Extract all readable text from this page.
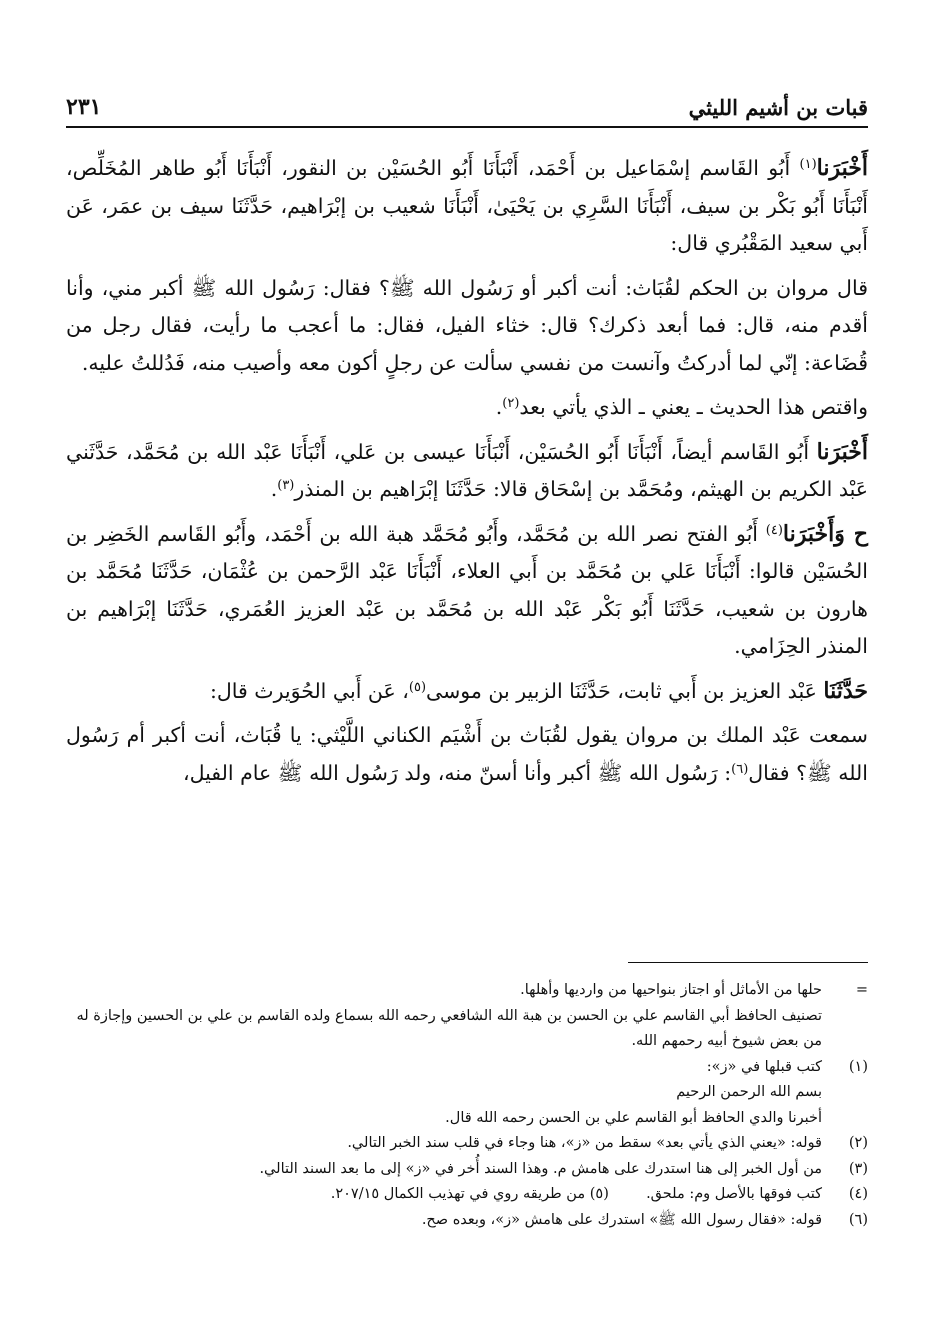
قبات بن أشيم الليثي
٢٣١

أَخْبَرَنا$^{(١)}$ أَبُو القَاسم إسْمَاعيل بن أَحْمَد، أَنْبَأَنَا أَبُو الحُسَيْن بن النقور، أَنْبَأَنَا أَبُو طاهر المُخَلِّص، أَنْبَأَنَا أَبُو بَكْر بن سيف، أَنْبَأَنَا السَّرِي بن يَحْيَىٰ، أَنْبَأَنَا شعيب بن إبْرَاهيم، حَدَّثَنَا سيف بن عمَر، عَن أَبي سعيد المَقْبُري قال:

قال مروان بن الحكم لقُبَاث: أنت أكبر أو رَسُول الله ﷺ؟ فقال: رَسُول الله ﷺ أكبر مني، وأنا أقدم منه، قال: فما أبعد ذكرك؟ قال: خثاء الفيل، فقال: ما أعجب ما رأيت، فقال رجل من قُضَاعة: إنّي لما أدركتُ وآنست من نفسي سألت عن رجلٍ أكون معه وأصيب منه، فَدُللتُ عليه.

واقتص هذا الحديث ـ يعني ـ الذي يأتي بعد$^{(٢)}$.

أَخْبَرَنا أَبُو القَاسم أيضاً، أَنْبَأَنَا أَبُو الحُسَيْن، أَنْبَأَنَا عيسى بن عَلي، أَنْبَأَنَا عَبْد الله بن مُحَمَّد، حَدَّثَني عَبْد الكريم بن الهيثم، ومُحَمَّد بن إسْحَاق قالا: حَدَّثَنَا إبْرَاهيم بن المنذر$^{(٣)}$.

ح وَأَخْبَرَنا$^{(٤)}$ أَبُو الفتح نصر الله بن مُحَمَّد، وأَبُو مُحَمَّد هبة الله بن أَحْمَد، وأَبُو القَاسم الخَضِر بن الحُسَيْن قالوا: أَنْبَأَنَا عَلي بن مُحَمَّد بن أَبي العلاء، أَنْبَأَنَا عَبْد الرَّحمن بن عُثْمَان، حَدَّثَنَا مُحَمَّد بن هارون بن شعيب، حَدَّثَنَا أَبُو بَكْر عَبْد الله بن مُحَمَّد بن عَبْد العزيز العُمَري، حَدَّثَنَا إبْرَاهيم بن المنذر الحِزَامي.

حَدَّثَنَا عَبْد العزيز بن أَبي ثابت، حَدَّثَنَا الزبير بن موسى$^{(٥)}$، عَن أَبي الحُوَيرث قال:

سمعت عَبْد الملك بن مروان يقول لقُبَاث بن أَشْيَم الكناني اللَّيْثي: يا قُبَاث، أنت أكبر أم رَسُول الله ﷺ؟ فقال$^{(٦)}$: رَسُول الله ﷺ أكبر وأنا أسنّ منه، ولد رَسُول الله ﷺ عام الفيل،

=
حلها من الأماثل أو اجتاز بنواحيها من وارديها وأهلها.
تصنيف الحافظ أبي القاسم علي بن الحسن بن هبة الله الشافعي رحمه الله بسماع ولده القاسم بن علي بن الحسين وإجازة له من بعض شيوخ أبيه رحمهم الله.
(١)
كتب قبلها في «ز»:
بسم الله الرحمن الرحيم
أخبرنا والدي الحافظ أبو القاسم علي بن الحسن رحمه الله قال.
(٢)
قوله: «يعني الذي يأتي بعد» سقط من «ز»، هنا وجاء في قلب سند الخبر التالي.
(٣)
من أول الخبر إلى هنا استدرك على هامش م. وهذا السند أُخر في «ز» إلى ما بعد السند التالي.
(٤)
كتب فوقها بالأصل وم: ملحق.  (٥) من طريقه روي في تهذيب الكمال ٢٠٧/١٥.
(٦)
قوله: «فقال رسول الله ﷺ» استدرك على هامش «ز»، وبعده صح.
